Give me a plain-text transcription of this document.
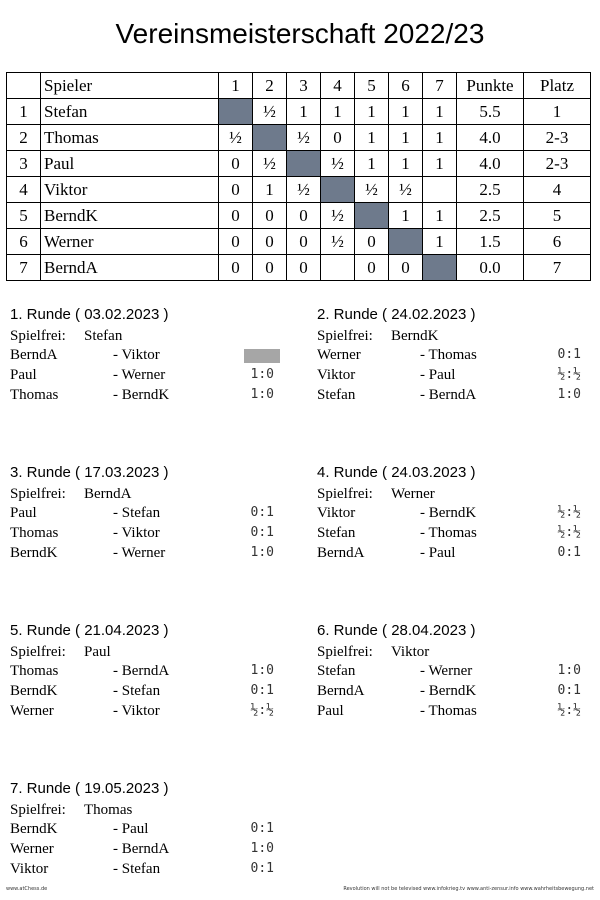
Vereinsmeisterschaft 2022/23
	Spieler	1	2	3	4	5	6	7	Punkte	Platz
1	Stefan		½	1	1	1	1	1	5.5	1
2	Thomas	½		½	0	1	1	1	4.0	2-3
3	Paul	0	½		½	1	1	1	4.0	2-3
4	Viktor	0	1	½		½	½		2.5	4
5	BerndK	0	0	0	½		1	1	2.5	5
6	Werner	0	0	0	½	0		1	1.5	6
7	BerndA	0	0	0		0	0		0.0	7
1. Runde ( 03.02.2023 )
Spielfrei: Stefan
BerndA	- Viktor
Paul	- Werner	1:0
Thomas	- BerndK	1:0
2. Runde ( 24.02.2023 )
Spielfrei: BerndK
Werner	- Thomas	0:1
Viktor	- Paul	½:½
Stefan	- BerndA	1:0
3. Runde ( 17.03.2023 )
Spielfrei: BerndA
Paul	- Stefan	0:1
Thomas	- Viktor	0:1
BerndK	- Werner	1:0
4. Runde ( 24.03.2023 )
Spielfrei: Werner
Viktor	- BerndK	½:½
Stefan	- Thomas	½:½
BerndA	- Paul	0:1
5. Runde ( 21.04.2023 )
Spielfrei: Paul
Thomas	- BerndA	1:0
BerndK	- Stefan	0:1
Werner	- Viktor	½:½
6. Runde ( 28.04.2023 )
Spielfrei: Viktor
Stefan	- Werner	1:0
BerndA	- BerndK	0:1
Paul	- Thomas	½:½
7. Runde ( 19.05.2023 )
Spielfrei: Thomas
BerndK	- Paul	0:1
Werner	- BerndA	1:0
Viktor	- Stefan	0:1
www.atChess.de	Revolution will not be televised www.infokrieg.tv www.anti-zensur.info www.wahrheitsbewegung.net
